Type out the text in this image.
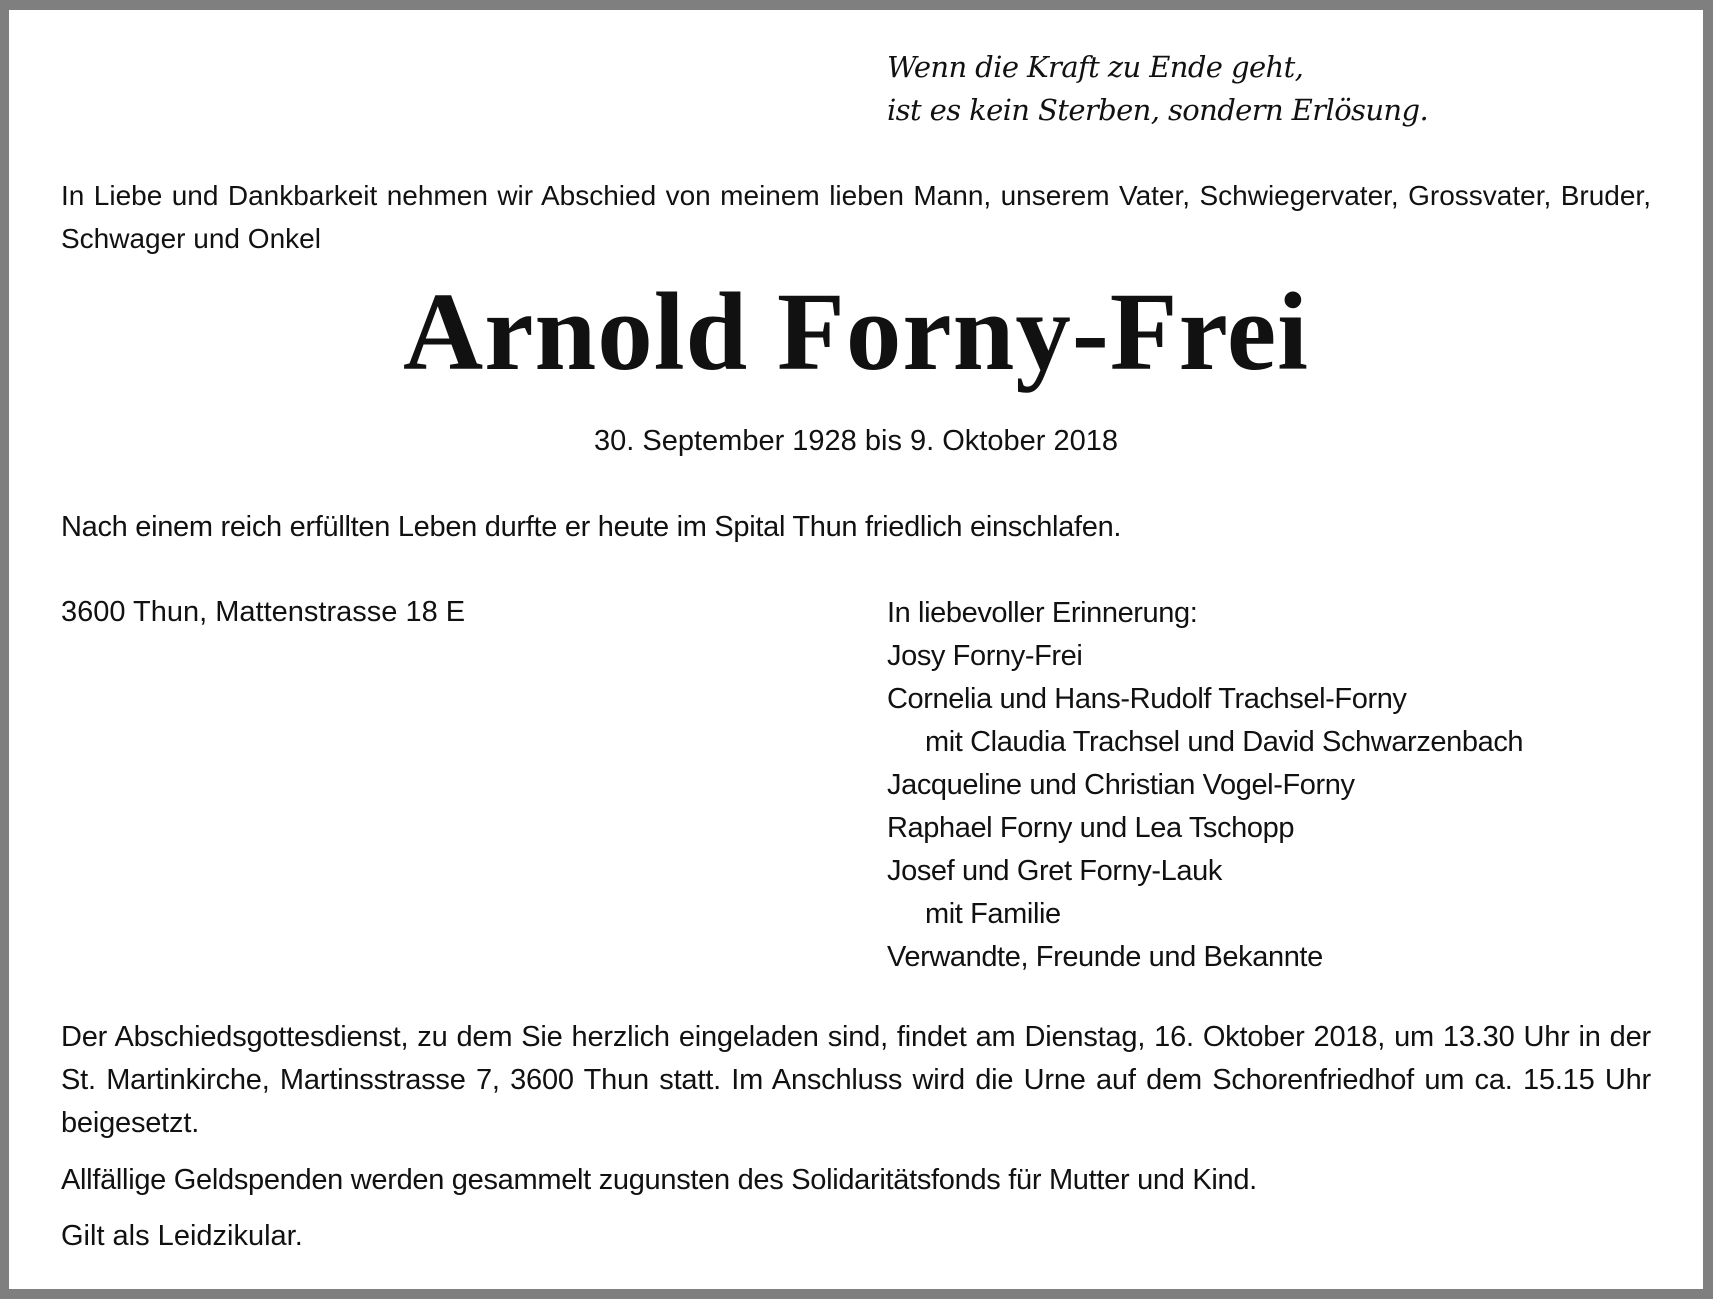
Wenn die Kraft zu Ende geht,
ist es kein Sterben, sondern Erlösung.

In Liebe und Dankbarkeit nehmen wir Abschied von meinem lieben Mann, unserem Vater, Schwiegervater, Grossvater, Bruder, Schwager und Onkel

Arnold Forny-Frei
30. September 1928 bis 9. Oktober 2018

Nach einem reich erfüllten Leben durfte er heute im Spital Thun friedlich einschlafen.

3600 Thun, Mattenstrasse 18 E	In liebevoller Erinnerung:
Josy Forny-Frei
Cornelia und Hans-Rudolf Trachsel-Forny
mit Claudia Trachsel und David Schwarzenbach
Jacqueline und Christian Vogel-Forny
Raphael Forny und Lea Tschopp
Josef und Gret Forny-Lauk
mit Familie
Verwandte, Freunde und Bekannte

Der Abschiedsgottesdienst, zu dem Sie herzlich eingeladen sind, findet am Dienstag, 16. Oktober 2018, um 13.30 Uhr in der St. Martinkirche, Martinsstrasse 7, 3600 Thun statt. Im Anschluss wird die Urne auf dem Schorenfriedhof um ca. 15.15 Uhr beigesetzt.

Allfällige Geldspenden werden gesammelt zugunsten des Solidaritätsfonds für Mutter und Kind.

Gilt als Leidzikular.
